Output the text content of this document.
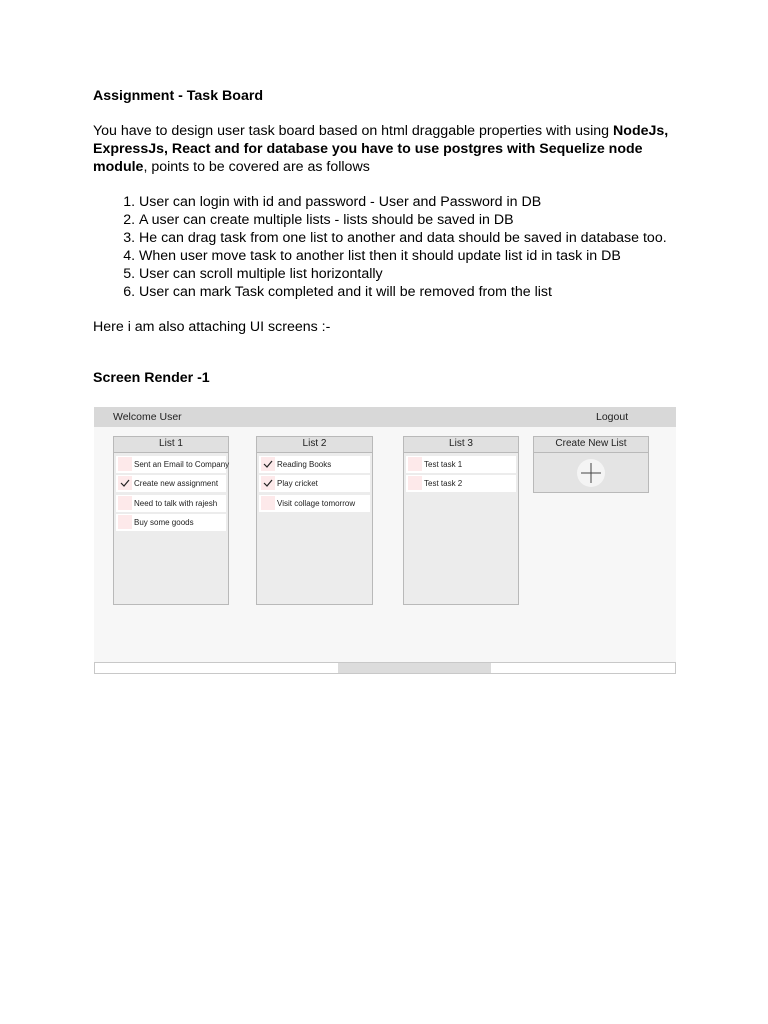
Assignment - Task Board

You have to design user task board based on html draggable properties with using NodeJs, ExpressJs, React and for database you have to use postgres with Sequelize node module, points to be covered are as follows

1. User can login with id and password - User and Password in DB
2. A user can create multiple lists - lists should be saved in DB
3. He can drag task from one list to another and data should be saved in database too.
4. When user move task to another list then it should update list id in task in DB
5. User can scroll multiple list horizontally
6. User can mark Task completed and it will be removed from the list

Here i am also attaching UI screens :-

Screen Render -1
Welcome User	Logout
List 1
Sent an Email to Company
Create new assignment
Need to talk with rajesh
Buy some goods
List 2
Reading Books
Play cricket
Visit collage tomorrow
List 3
Test task 1
Test task 2
Create New List
